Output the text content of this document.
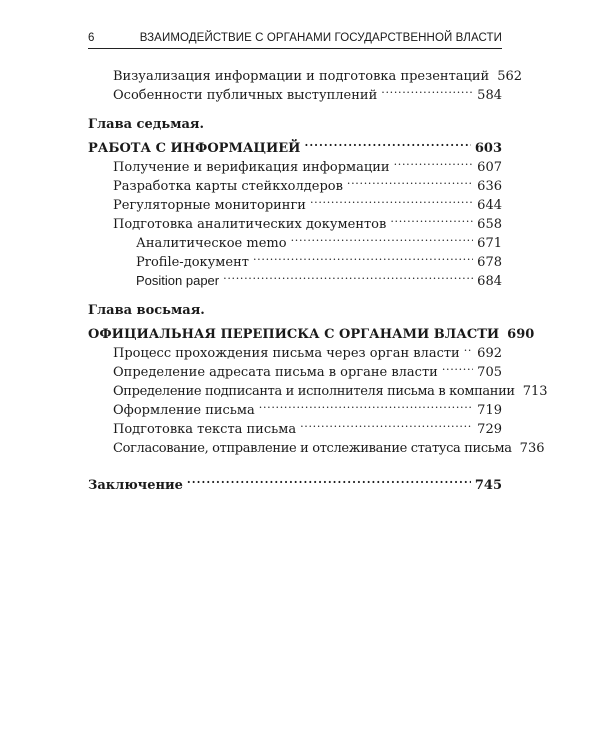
6	ВЗАИМОДЕЙСТВИЕ С ОРГАНАМИ ГОСУДАРСТВЕННОЙ ВЛАСТИ
Визуализация информации и подготовка презентаций 562
Особенности публичных выступлений . . .	584
Глава седьмая.
РАБОТА С ИНФОРМАЦИЕЙ . . .	603
Получение и верификация информации . . .	607
Разработка карты стейкхолдеров . . .	636
Регуляторные мониторинги . . .	644
Подготовка аналитических документов . . .	658
Аналитическое memo . . .	671
Profile-документ . . .	678
Position paper . . .	684
Глава восьмая.
ОФИЦИАЛЬНАЯ ПЕРЕПИСКА С ОРГАНАМИ ВЛАСТИ 690
Процесс прохождения письма через орган власти . . . 692
Определение адресата письма в органе власти . . .	705
Определение подписанта и исполнителя письма в компании 713
Оформление письма . . .	719
Подготовка текста письма . . .	729
Согласование, отправление и отслеживание статуса письма 736
Заключение . . .	745
